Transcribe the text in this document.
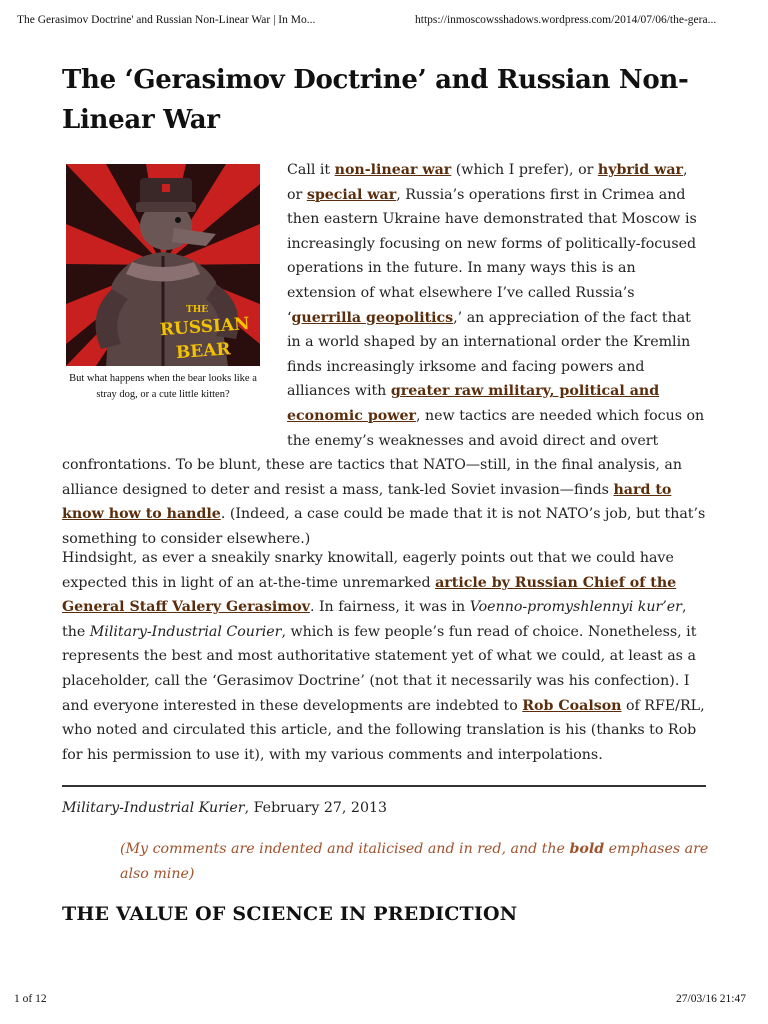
The Gerasimov Doctrine' and Russian Non-Linear War | In Mo...	https://inmoscowsshadows.wordpress.com/2014/07/06/the-gera...
The ‘Gerasimov Doctrine’ and Russian Non-Linear War
THE
RUSSIAN
BEAR
But what happens when the bear looks like a stray dog, or a cute little kitten?
Call it non-linear war (which I prefer), or hybrid war, or special war, Russia’s operations first in Crimea and then eastern Ukraine have demonstrated that Moscow is increasingly focusing on new forms of politically-focused operations in the future. In many ways this is an extension of what elsewhere I’ve called Russia’s ‘guerrilla geopolitics,’ an appreciation of the fact that in a world shaped by an international order the Kremlin finds increasingly irksome and facing powers and alliances with greater raw military, political and economic power, new tactics are needed which focus on the enemy’s weaknesses and avoid direct and overt confrontations. To be blunt, these are tactics that NATO—still, in the final analysis, an alliance designed to deter and resist a mass, tank-led Soviet invasion—finds hard to know how to handle. (Indeed, a case could be made that it is not NATO’s job, but that’s something to consider elsewhere.)
Hindsight, as ever a sneakily snarky knowitall, eagerly points out that we could have expected this in light of an at-the-time unremarked article by Russian Chief of the General Staff Valery Gerasimov. In fairness, it was in Voenno-promyshlennyi kur’er, the Military-Industrial Courier, which is few people’s fun read of choice. Nonetheless, it represents the best and most authoritative statement yet of what we could, at least as a placeholder, call the ‘Gerasimov Doctrine’ (not that it necessarily was his confection). I and everyone interested in these developments are indebted to Rob Coalson of RFE/RL, who noted and circulated this article, and the following translation is his (thanks to Rob for his permission to use it), with my various comments and interpolations.
Military-Industrial Kurier, February 27, 2013
(My comments are indented and italicised and in red, and the bold emphases are also mine)
THE VALUE OF SCIENCE IN PREDICTION
1 of 12	27/03/16 21:47
